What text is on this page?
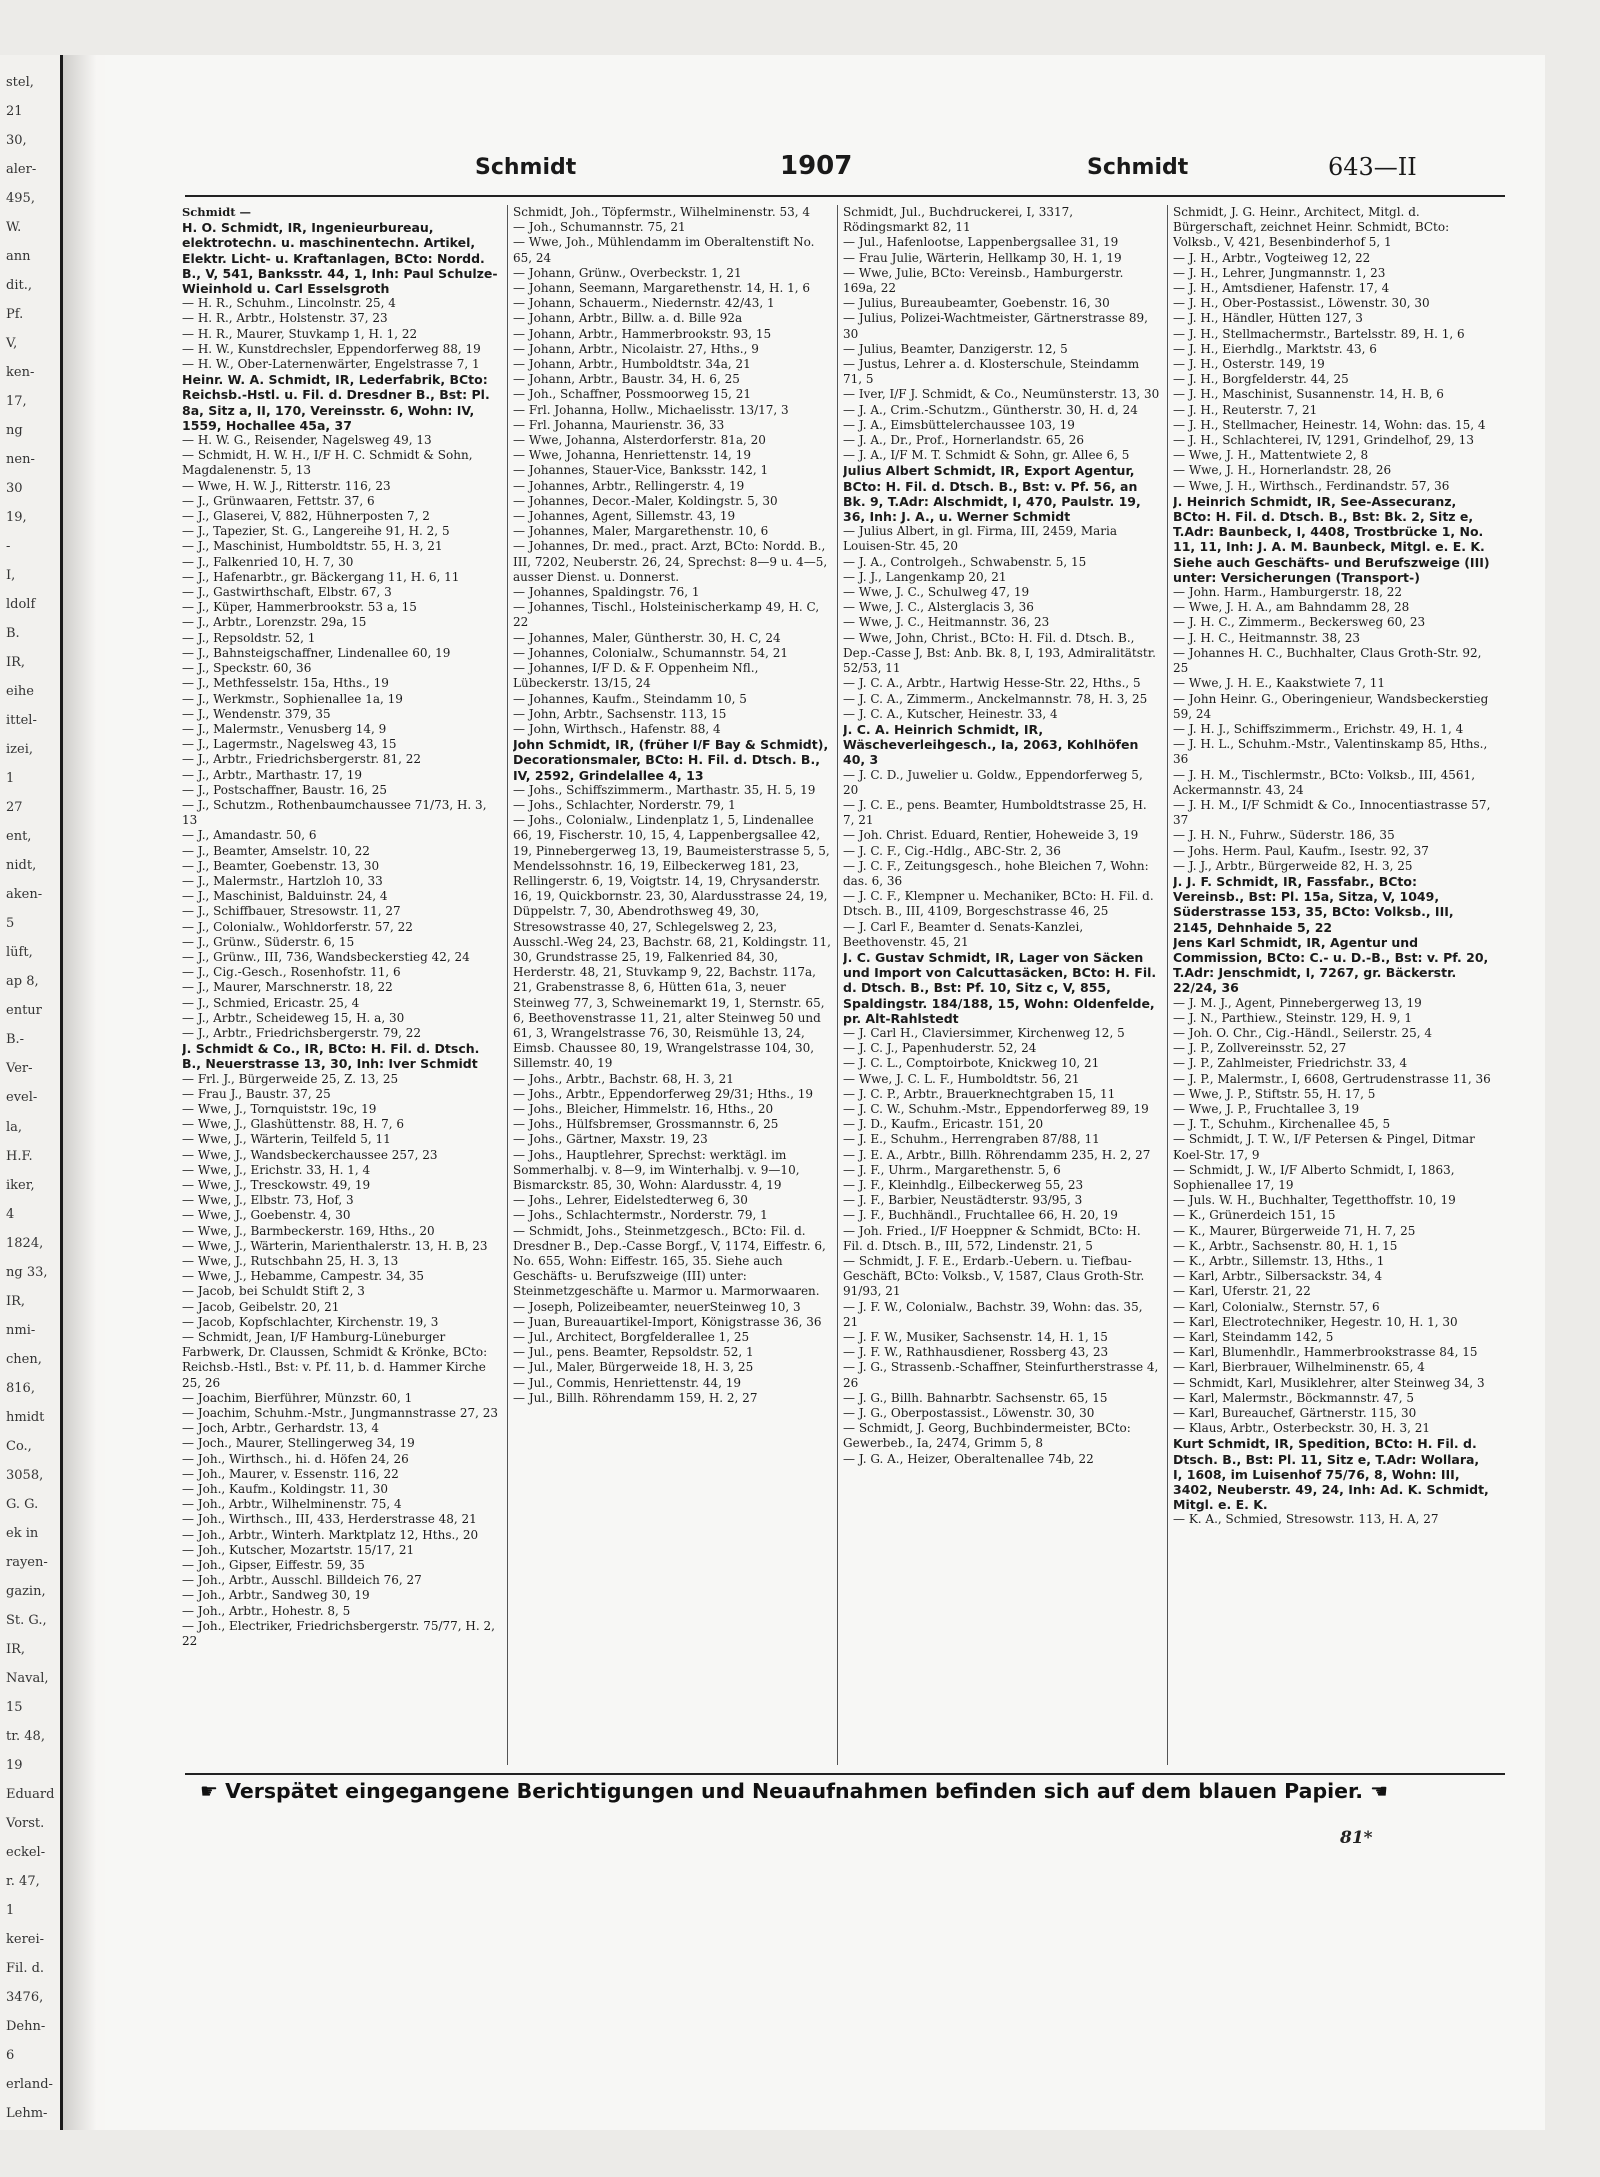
stel,
21
30,
aler-
495,
W.
ann
dit.,
Pf.
V,
ken-
17,
ng
nen-
30
19,
-
I,
ldolf
B.
IR,
eihe
ittel-
izei,
1
27
ent,
nidt,
aken-
5
lüft,
ap 8,
entur
B.-
Ver-
evel-
la,
H.F.
iker,
4
1824,
ng 33,
IR,
nmi-
chen,
816,
hmidt
Co.,
3058,
G. G.
ek in
rayen-
gazin,
St. G.,
IR,
Naval,
15
tr. 48,
19
Eduard
Vorst.
eckel-
r. 47,
1
kerei-
Fil. d.
3476,
Dehn-
6
erland-
Lehm-
Schmidt	1907	Schmidt	643—II

Schmidt —

H. O. Schmidt, IR, Ingenieurbureau, elektrotechn. u. maschinentechn. Artikel, Elektr. Licht- u. Kraftanlagen, BCto: Nordd. B., V, 541, Banksstr. 44, 1, Inh: Paul Schulze-Wieinhold u. Carl Esselsgroth

— H. R., Schuhm., Lincolnstr. 25, 4

— H. R., Arbtr., Holstenstr. 37, 23

— H. R., Maurer, Stuvkamp 1, H. 1, 22

— H. W., Kunstdrechsler, Eppendorferweg 88, 19

— H. W., Ober-Laternenwärter, Engelstrasse 7, 1

Heinr. W. A. Schmidt, IR, Lederfabrik, BCto: Reichsb.-Hstl. u. Fil. d. Dresdner B., Bst: Pl. 8a, Sitz a, II, 170, Vereinsstr. 6, Wohn: IV, 1559, Hochallee 45a, 37

— H. W. G., Reisender, Nagelsweg 49, 13

— Schmidt, H. W. H., I/F H. C. Schmidt & Sohn, Magdalenenstr. 5, 13

— Wwe, H. W. J., Ritterstr. 116, 23

— J., Grünwaaren, Fettstr. 37, 6

— J., Glaserei, V, 882, Hühnerposten 7, 2

— J., Tapezier, St. G., Langereihe 91, H. 2, 5

— J., Maschinist, Humboldtstr. 55, H. 3, 21

— J., Falkenried 10, H. 7, 30

— J., Hafenarbtr., gr. Bäckergang 11, H. 6, 11

— J., Gastwirthschaft, Elbstr. 67, 3

— J., Küper, Hammerbrookstr. 53 a, 15

— J., Arbtr., Lorenzstr. 29a, 15

— J., Repsoldstr. 52, 1

— J., Bahnsteigschaffner, Lindenallee 60, 19

— J., Speckstr. 60, 36

— J., Methfesselstr. 15a, Hths., 19

— J., Werkmstr., Sophienallee 1a, 19

— J., Wendenstr. 379, 35

— J., Malermstr., Venusberg 14, 9

— J., Lagermstr., Nagelsweg 43, 15

— J., Arbtr., Friedrichsbergerstr. 81, 22

— J., Arbtr., Marthastr. 17, 19

— J., Postschaffner, Baustr. 16, 25

— J., Schutzm., Rothenbaumchaussee 71/73, H. 3, 13

— J., Amandastr. 50, 6

— J., Beamter, Amselstr. 10, 22

— J., Beamter, Goebenstr. 13, 30

— J., Malermstr., Hartzloh 10, 33

— J., Maschinist, Balduinstr. 24, 4

— J., Schiffbauer, Stresowstr. 11, 27

— J., Colonialw., Wohldorferstr. 57, 22

— J., Grünw., Süderstr. 6, 15

— J., Grünw., III, 736, Wandsbeckerstieg 42, 24

— J., Cig.-Gesch., Rosenhofstr. 11, 6

— J., Maurer, Marschnerstr. 18, 22

— J., Schmied, Ericastr. 25, 4

— J., Arbtr., Scheideweg 15, H. a, 30

— J., Arbtr., Friedrichsbergerstr. 79, 22

J. Schmidt & Co., IR, BCto: H. Fil. d. Dtsch. B., Neuerstrasse 13, 30, Inh: Iver Schmidt

— Frl. J., Bürgerweide 25, Z. 13, 25

— Frau J., Baustr. 37, 25

— Wwe, J., Tornquiststr. 19c, 19

— Wwe, J., Glashüttenstr. 88, H. 7, 6

— Wwe, J., Wärterin, Teilfeld 5, 11

— Wwe, J., Wandsbeckerchaussee 257, 23

— Wwe, J., Erichstr. 33, H. 1, 4

— Wwe, J., Tresckowstr. 49, 19

— Wwe, J., Elbstr. 73, Hof, 3

— Wwe, J., Goebenstr. 4, 30

— Wwe, J., Barmbeckerstr. 169, Hths., 20

— Wwe, J., Wärterin, Marienthalerstr. 13, H. B, 23

— Wwe, J., Rutschbahn 25, H. 3, 13

— Wwe, J., Hebamme, Campestr. 34, 35

— Jacob, bei Schuldt Stift 2, 3

— Jacob, Geibelstr. 20, 21

— Jacob, Kopfschlachter, Kirchenstr. 19, 3

— Schmidt, Jean, I/F Hamburg-Lüneburger Farbwerk, Dr. Claussen, Schmidt & Krönke, BCto: Reichsb.-Hstl., Bst: v. Pf. 11, b. d. Hammer Kirche 25, 26

— Joachim, Bierführer, Münzstr. 60, 1

— Joachim, Schuhm.-Mstr., Jungmannstrasse 27, 23

— Joch, Arbtr., Gerhardstr. 13, 4

— Joch., Maurer, Stellingerweg 34, 19

— Joh., Wirthsch., hi. d. Höfen 24, 26

— Joh., Maurer, v. Essenstr. 116, 22

— Joh., Kaufm., Koldingstr. 11, 30

— Joh., Arbtr., Wilhelminenstr. 75, 4

— Joh., Wirthsch., III, 433, Herderstrasse 48, 21

— Joh., Arbtr., Winterh. Marktplatz 12, Hths., 20

— Joh., Kutscher, Mozartstr. 15/17, 21

— Joh., Gipser, Eiffestr. 59, 35

— Joh., Arbtr., Ausschl. Billdeich 76, 27

— Joh., Arbtr., Sandweg 30, 19

— Joh., Arbtr., Hohestr. 8, 5

— Joh., Electriker, Friedrichsbergerstr. 75/77, H. 2, 22

Schmidt, Joh., Töpfermstr., Wilhelminenstr. 53, 4

— Joh., Schumannstr. 75, 21

— Wwe, Joh., Mühlendamm im Oberaltenstift No. 65, 24

— Johann, Grünw., Overbeckstr. 1, 21

— Johann, Seemann, Margarethenstr. 14, H. 1, 6

— Johann, Schauerm., Niedernstr. 42/43, 1

— Johann, Arbtr., Billw. a. d. Bille 92a

— Johann, Arbtr., Hammerbrookstr. 93, 15

— Johann, Arbtr., Nicolaistr. 27, Hths., 9

— Johann, Arbtr., Humboldtstr. 34a, 21

— Johann, Arbtr., Baustr. 34, H. 6, 25

— Joh., Schaffner, Possmoorweg 15, 21

— Frl. Johanna, Hollw., Michaelisstr. 13/17, 3

— Frl. Johanna, Maurienstr. 36, 33

— Wwe, Johanna, Alsterdorferstr. 81a, 20

— Wwe, Johanna, Henriettenstr. 14, 19

— Johannes, Stauer-Vice, Banksstr. 142, 1

— Johannes, Arbtr., Rellingerstr. 4, 19

— Johannes, Decor.-Maler, Koldingstr. 5, 30

— Johannes, Agent, Sillemstr. 43, 19

— Johannes, Maler, Margarethenstr. 10, 6

— Johannes, Dr. med., pract. Arzt, BCto: Nordd. B., III, 7202, Neuberstr. 26, 24, Sprechst: 8—9 u. 4—5, ausser Dienst. u. Donnerst.

— Johannes, Spaldingstr. 76, 1

— Johannes, Tischl., Holsteinischerkamp 49, H. C, 22

— Johannes, Maler, Güntherstr. 30, H. C, 24

— Johannes, Colonialw., Schumannstr. 54, 21

— Johannes, I/F D. & F. Oppenheim Nfl., Lübeckerstr. 13/15, 24

— Johannes, Kaufm., Steindamm 10, 5

— John, Arbtr., Sachsenstr. 113, 15

— John, Wirthsch., Hafenstr. 88, 4

John Schmidt, IR, (früher I/F Bay & Schmidt), Decorationsmaler, BCto: H. Fil. d. Dtsch. B., IV, 2592, Grindelallee 4, 13

— Johs., Schiffszimmerm., Marthastr. 35, H. 5, 19

— Johs., Schlachter, Norderstr. 79, 1

— Johs., Colonialw., Lindenplatz 1, 5, Lindenallee 66, 19, Fischerstr. 10, 15, 4, Lappenbergsallee 42, 19, Pinnebergerweg 13, 19, Baumeisterstrasse 5, 5, Mendelssohnstr. 16, 19, Eilbeckerweg 181, 23, Rellingerstr. 6, 19, Voigtstr. 14, 19, Chrysanderstr. 16, 19, Quickbornstr. 23, 30, Alardusstrasse 24, 19, Düppelstr. 7, 30, Abendrothsweg 49, 30, Stresowstrasse 40, 27, Schlegelsweg 2, 23, Ausschl.-Weg 24, 23, Bachstr. 68, 21, Koldingstr. 11, 30, Grundstrasse 25, 19, Falkenried 84, 30, Herderstr. 48, 21, Stuvkamp 9, 22, Bachstr. 117a, 21, Grabenstrasse 8, 6, Hütten 61a, 3, neuer Steinweg 77, 3, Schweinemarkt 19, 1, Sternstr. 65, 6, Beethovenstrasse 11, 21, alter Steinweg 50 und 61, 3, Wrangelstrasse 76, 30, Reismühle 13, 24, Eimsb. Chaussee 80, 19, Wrangelstrasse 104, 30, Sillemstr. 40, 19

— Johs., Arbtr., Bachstr. 68, H. 3, 21

— Johs., Arbtr., Eppendorferweg 29/31; Hths., 19

— Johs., Bleicher, Himmelstr. 16, Hths., 20

— Johs., Hülfsbremser, Grossmannstr. 6, 25

— Johs., Gärtner, Maxstr. 19, 23

— Johs., Hauptlehrer, Sprechst: werktägl. im Sommerhalbj. v. 8—9, im Winterhalbj. v. 9—10, Bismarckstr. 85, 30, Wohn: Alardusstr. 4, 19

— Johs., Lehrer, Eidelstedterweg 6, 30

— Johs., Schlachtermstr., Norderstr. 79, 1

— Schmidt, Johs., Steinmetzgesch., BCto: Fil. d. Dresdner B., Dep.-Casse Borgf., V, 1174, Eiffestr. 6, No. 655, Wohn: Eiffestr. 165, 35. Siehe auch Geschäfts- u. Berufszweige (III) unter: Steinmetzgeschäfte u. Marmor u. Marmorwaaren.

— Joseph, Polizeibeamter, neuerSteinweg 10, 3

— Juan, Bureauartikel-Import, Königstrasse 36, 36

— Jul., Architect, Borgfelderallee 1, 25

— Jul., pens. Beamter, Repsoldstr. 52, 1

— Jul., Maler, Bürgerweide 18, H. 3, 25

— Jul., Commis, Henriettenstr. 44, 19

— Jul., Billh. Röhrendamm 159, H. 2, 27

Schmidt, Jul., Buchdruckerei, I, 3317, Rödingsmarkt 82, 11

— Jul., Hafenlootse, Lappenbergsallee 31, 19

— Frau Julie, Wärterin, Hellkamp 30, H. 1, 19

— Wwe, Julie, BCto: Vereinsb., Hamburgerstr. 169a, 22

— Julius, Bureaubeamter, Goebenstr. 16, 30

— Julius, Polizei-Wachtmeister, Gärtnerstrasse 89, 30

— Julius, Beamter, Danzigerstr. 12, 5

— Justus, Lehrer a. d. Klosterschule, Steindamm 71, 5

— Iver, I/F J. Schmidt, & Co., Neumünsterstr. 13, 30

— J. A., Crim.-Schutzm., Güntherstr. 30, H. d, 24

— J. A., Eimsbüttelerchaussee 103, 19

— J. A., Dr., Prof., Hornerlandstr. 65, 26

— J. A., I/F M. T. Schmidt & Sohn, gr. Allee 6, 5

Julius Albert Schmidt, IR, Export Agentur, BCto: H. Fil. d. Dtsch. B., Bst: v. Pf. 56, an Bk. 9, T.Adr: Alschmidt, I, 470, Paulstr. 19, 36, Inh: J. A., u. Werner Schmidt

— Julius Albert, in gl. Firma, III, 2459, Maria Louisen-Str. 45, 20

— J. A., Controlgeh., Schwabenstr. 5, 15

— J. J., Langenkamp 20, 21

— Wwe, J. C., Schulweg 47, 19

— Wwe, J. C., Alsterglacis 3, 36

— Wwe, J. C., Heitmannstr. 36, 23

— Wwe, John, Christ., BCto: H. Fil. d. Dtsch. B., Dep.-Casse J, Bst: Anb. Bk. 8, I, 193, Admiralitätstr. 52/53, 11

— J. C. A., Arbtr., Hartwig Hesse-Str. 22, Hths., 5

— J. C. A., Zimmerm., Anckelmannstr. 78, H. 3, 25

— J. C. A., Kutscher, Heinestr. 33, 4

J. C. A. Heinrich Schmidt, IR, Wäscheverleihgesch., Ia, 2063, Kohlhöfen 40, 3

— J. C. D., Juwelier u. Goldw., Eppendorferweg 5, 20

— J. C. E., pens. Beamter, Humboldtstrasse 25, H. 7, 21

— Joh. Christ. Eduard, Rentier, Hoheweide 3, 19

— J. C. F., Cig.-Hdlg., ABC-Str. 2, 36

— J. C. F., Zeitungsgesch., hohe Bleichen 7, Wohn: das. 6, 36

— J. C. F., Klempner u. Mechaniker, BCto: H. Fil. d. Dtsch. B., III, 4109, Borgeschstrasse 46, 25

— J. Carl F., Beamter d. Senats-Kanzlei, Beethovenstr. 45, 21

J. C. Gustav Schmidt, IR, Lager von Säcken und Import von Calcuttasäcken, BCto: H. Fil. d. Dtsch. B., Bst: Pf. 10, Sitz c, V, 855, Spaldingstr. 184/188, 15, Wohn: Oldenfelde, pr. Alt-Rahlstedt

— J. Carl H., Claviersimmer, Kirchenweg 12, 5

— J. C. J., Papenhuderstr. 52, 24

— J. C. L., Comptoirbote, Knickweg 10, 21

— Wwe, J. C. L. F., Humboldtstr. 56, 21

— J. C. P., Arbtr., Brauerknechtgraben 15, 11

— J. C. W., Schuhm.-Mstr., Eppendorferweg 89, 19

— J. D., Kaufm., Ericastr. 151, 20

— J. E., Schuhm., Herrengraben 87/88, 11

— J. E. A., Arbtr., Billh. Röhrendamm 235, H. 2, 27

— J. F., Uhrm., Margarethenstr. 5, 6

— J. F., Kleinhdlg., Eilbeckerweg 55, 23

— J. F., Barbier, Neustädterstr. 93/95, 3

— J. F., Buchhändl., Fruchtallee 66, H. 20, 19

— Joh. Fried., I/F Hoeppner & Schmidt, BCto: H. Fil. d. Dtsch. B., III, 572, Lindenstr. 21, 5

— Schmidt, J. F. E., Erdarb.-Uebern. u. Tiefbau-Geschäft, BCto: Volksb., V, 1587, Claus Groth-Str. 91/93, 21

— J. F. W., Colonialw., Bachstr. 39, Wohn: das. 35, 21

— J. F. W., Musiker, Sachsenstr. 14, H. 1, 15

— J. F. W., Rathhausdiener, Rossberg 43, 23

— J. G., Strassenb.-Schaffner, Steinfurtherstrasse 4, 26

— J. G., Billh. Bahnarbtr. Sachsenstr. 65, 15

— J. G., Oberpostassist., Löwenstr. 30, 30

— Schmidt, J. Georg, Buchbindermeister, BCto: Gewerbeb., Ia, 2474, Grimm 5, 8

— J. G. A., Heizer, Oberaltenallee 74b, 22

Schmidt, J. G. Heinr., Architect, Mitgl. d. Bürgerschaft, zeichnet Heinr. Schmidt, BCto: Volksb., V, 421, Besenbinderhof 5, 1

— J. H., Arbtr., Vogteiweg 12, 22

— J. H., Lehrer, Jungmannstr. 1, 23

— J. H., Amtsdiener, Hafenstr. 17, 4

— J. H., Ober-Postassist., Löwenstr. 30, 30

— J. H., Händler, Hütten 127, 3

— J. H., Stellmachermstr., Bartelsstr. 89, H. 1, 6

— J. H., Eierhdlg., Marktstr. 43, 6

— J. H., Osterstr. 149, 19

— J. H., Borgfelderstr. 44, 25

— J. H., Maschinist, Susannenstr. 14, H. B, 6

— J. H., Reuterstr. 7, 21

— J. H., Stellmacher, Heinestr. 14, Wohn: das. 15, 4

— J. H., Schlachterei, IV, 1291, Grindelhof, 29, 13

— Wwe, J. H., Mattentwiete 2, 8

— Wwe, J. H., Hornerlandstr. 28, 26

— Wwe, J. H., Wirthsch., Ferdinandstr. 57, 36

J. Heinrich Schmidt, IR, See-Assecuranz, BCto: H. Fil. d. Dtsch. B., Bst: Bk. 2, Sitz e, T.Adr: Baunbeck, I, 4408, Trostbrücke 1, No. 11, 11, Inh: J. A. M. Baunbeck, Mitgl. e. E. K. Siehe auch Geschäfts- und Berufszweige (III) unter: Versicherungen (Transport-)

— John. Harm., Hamburgerstr. 18, 22

— Wwe, J. H. A., am Bahndamm 28, 28

— J. H. C., Zimmerm., Beckersweg 60, 23

— J. H. C., Heitmannstr. 38, 23

— Johannes H. C., Buchhalter, Claus Groth-Str. 92, 25

— Wwe, J. H. E., Kaakstwiete 7, 11

— John Heinr. G., Oberingenieur, Wandsbeckerstieg 59, 24

— J. H. J., Schiffszimmerm., Erichstr. 49, H. 1, 4

— J. H. L., Schuhm.-Mstr., Valentinskamp 85, Hths., 36

— J. H. M., Tischlermstr., BCto: Volksb., III, 4561, Ackermannstr. 43, 24

— J. H. M., I/F Schmidt & Co., Innocentiastrasse 57, 37

— J. H. N., Fuhrw., Süderstr. 186, 35

— Johs. Herm. Paul, Kaufm., Isestr. 92, 37

— J. J., Arbtr., Bürgerweide 82, H. 3, 25

J. J. F. Schmidt, IR, Fassfabr., BCto: Vereinsb., Bst: Pl. 15a, Sitza, V, 1049, Süderstrasse 153, 35, BCto: Volksb., III, 2145, Dehnhaide 5, 22

Jens Karl Schmidt, IR, Agentur und Commission, BCto: C.- u. D.-B., Bst: v. Pf. 20, T.Adr: Jenschmidt, I, 7267, gr. Bäckerstr. 22/24, 36

— J. M. J., Agent, Pinnebergerweg 13, 19

— J. N., Parthiew., Steinstr. 129, H. 9, 1

— Joh. O. Chr., Cig.-Händl., Seilerstr. 25, 4

— J. P., Zollvereinsstr. 52, 27

— J. P., Zahlmeister, Friedrichstr. 33, 4

— J. P., Malermstr., I, 6608, Gertrudenstrasse 11, 36

— Wwe, J. P., Stiftstr. 55, H. 17, 5

— Wwe, J. P., Fruchtallee 3, 19

— J. T., Schuhm., Kirchenallee 45, 5

— Schmidt, J. T. W., I/F Petersen & Pingel, Ditmar Koel-Str. 17, 9

— Schmidt, J. W., I/F Alberto Schmidt, I, 1863, Sophienallee 17, 19

— Juls. W. H., Buchhalter, Tegetthoffstr. 10, 19

— K., Grünerdeich 151, 15

— K., Maurer, Bürgerweide 71, H. 7, 25

— K., Arbtr., Sachsenstr. 80, H. 1, 15

— K., Arbtr., Sillemstr. 13, Hths., 1

— Karl, Arbtr., Silbersackstr. 34, 4

— Karl, Uferstr. 21, 22

— Karl, Colonialw., Sternstr. 57, 6

— Karl, Electrotechniker, Hegestr. 10, H. 1, 30

— Karl, Steindamm 142, 5

— Karl, Blumenhdlr., Hammerbrookstrasse 84, 15

— Karl, Bierbrauer, Wilhelminenstr. 65, 4

— Schmidt, Karl, Musiklehrer, alter Steinweg 34, 3

— Karl, Malermstr., Böckmannstr. 47, 5

— Karl, Bureauchef, Gärtnerstr. 115, 30

— Klaus, Arbtr., Osterbeckstr. 30, H. 3, 21

Kurt Schmidt, IR, Spedition, BCto: H. Fil. d. Dtsch. B., Bst: Pl. 11, Sitz e, T.Adr: Wollara, I, 1608, im Luisenhof 75/76, 8, Wohn: III, 3402, Neuberstr. 49, 24, Inh: Ad. K. Schmidt, Mitgl. e. E. K.

— K. A., Schmied, Stresowstr. 113, H. A, 27

☛ Verspätet eingegangene Berichtigungen und Neuaufnahmen befinden sich auf dem blauen Papier. ☚
81*
